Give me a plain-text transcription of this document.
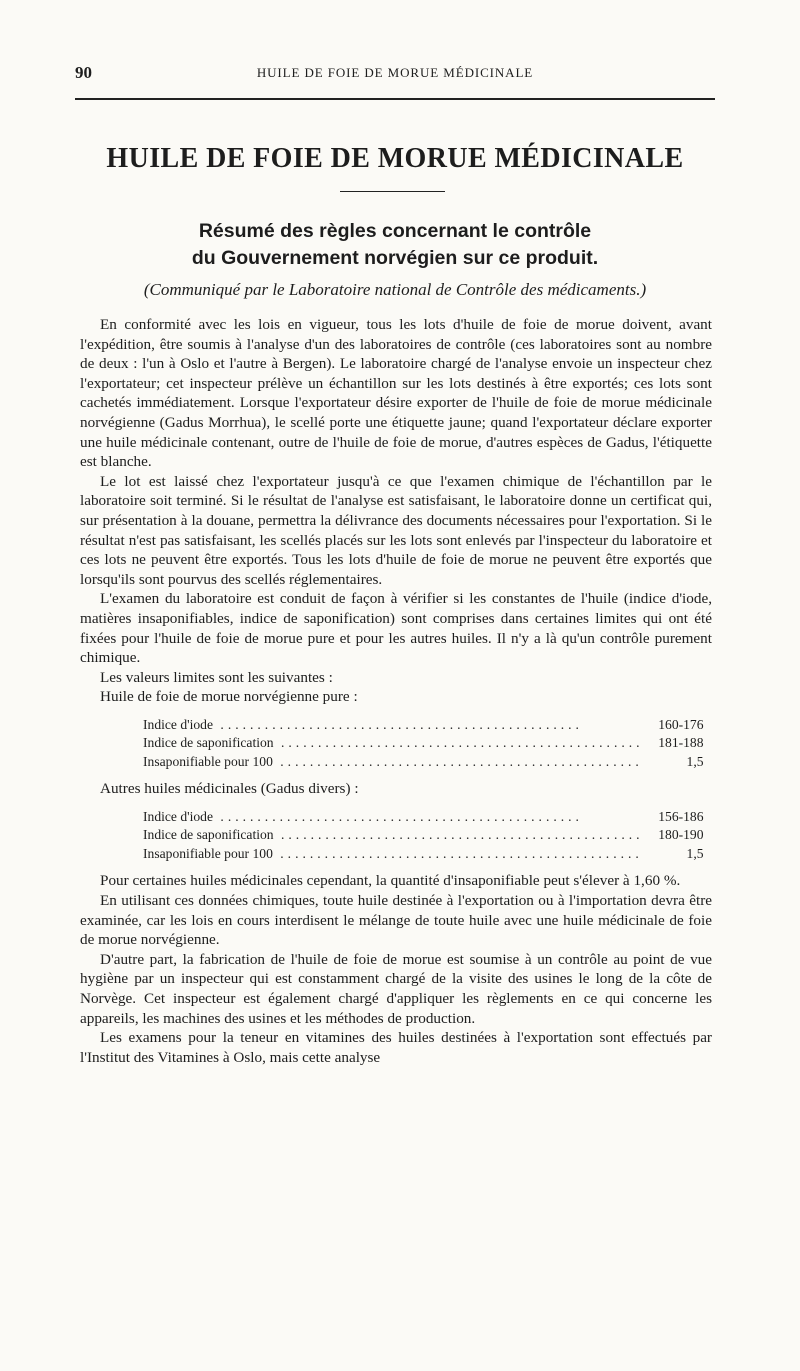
90	HUILE DE FOIE DE MORUE MÉDICINALE
HUILE DE FOIE DE MORUE MÉDICINALE
Résumé des règles concernant le contrôle
du Gouvernement norvégien sur ce produit.

(Communiqué par le Laboratoire national de Contrôle des médicaments.)

En conformité avec les lois en vigueur, tous les lots d'huile de foie de morue doivent, avant l'expédition, être soumis à l'analyse d'un des laboratoires de contrôle (ces laboratoires sont au nombre de deux : l'un à Oslo et l'autre à Bergen). Le laboratoire chargé de l'analyse envoie un inspecteur chez l'exportateur; cet inspecteur prélève un échantillon sur les lots destinés à être exportés; ces lots sont cachetés immédiatement. Lorsque l'exportateur désire exporter de l'huile de foie de morue médicinale norvégienne (Gadus Morrhua), le scellé porte une étiquette jaune; quand l'exportateur déclare exporter une huile médicinale contenant, outre de l'huile de foie de morue, d'autres espèces de Gadus, l'étiquette est blanche.

Le lot est laissé chez l'exportateur jusqu'à ce que l'examen chimique de l'échantillon par le laboratoire soit terminé. Si le résultat de l'analyse est satisfaisant, le laboratoire donne un certificat qui, sur présentation à la douane, permettra la délivrance des documents nécessaires pour l'exportation. Si le résultat n'est pas satisfaisant, les scellés placés sur les lots sont enlevés par l'inspecteur du laboratoire et ces lots ne peuvent être exportés. Tous les lots d'huile de foie de morue ne peuvent être exportés que lorsqu'ils sont pourvus des scellés réglementaires.

L'examen du laboratoire est conduit de façon à vérifier si les constantes de l'huile (indice d'iode, matières insaponifiables, indice de saponification) sont comprises dans certaines limites qui ont été fixées pour l'huile de foie de morue pure et pour les autres huiles. Il n'y a là qu'un contrôle purement chimique.

Les valeurs limites sont les suivantes :

Huile de foie de morue norvégienne pure :

Indice d'iode .................................................	160-176
Indice de saponification .................................................	181-188
Insaponifiable pour 100 .................................................	1,5

Autres huiles médicinales (Gadus divers) :

Indice d'iode .................................................	156-186
Indice de saponification .................................................	180-190
Insaponifiable pour 100 .................................................	1,5

Pour certaines huiles médicinales cependant, la quantité d'insaponifiable peut s'élever à 1,60 %.

En utilisant ces données chimiques, toute huile destinée à l'exportation ou à l'importation devra être examinée, car les lois en cours interdisent le mélange de toute huile avec une huile médicinale de foie de morue norvégienne.

D'autre part, la fabrication de l'huile de foie de morue est soumise à un contrôle au point de vue hygiène par un inspecteur qui est constamment chargé de la visite des usines le long de la côte de Norvège. Cet inspecteur est également chargé d'appliquer les règlements en ce qui concerne les appareils, les machines des usines et les méthodes de production.

Les examens pour la teneur en vitamines des huiles destinées à l'exportation sont effectués par l'Institut des Vitamines à Oslo, mais cette analyse
